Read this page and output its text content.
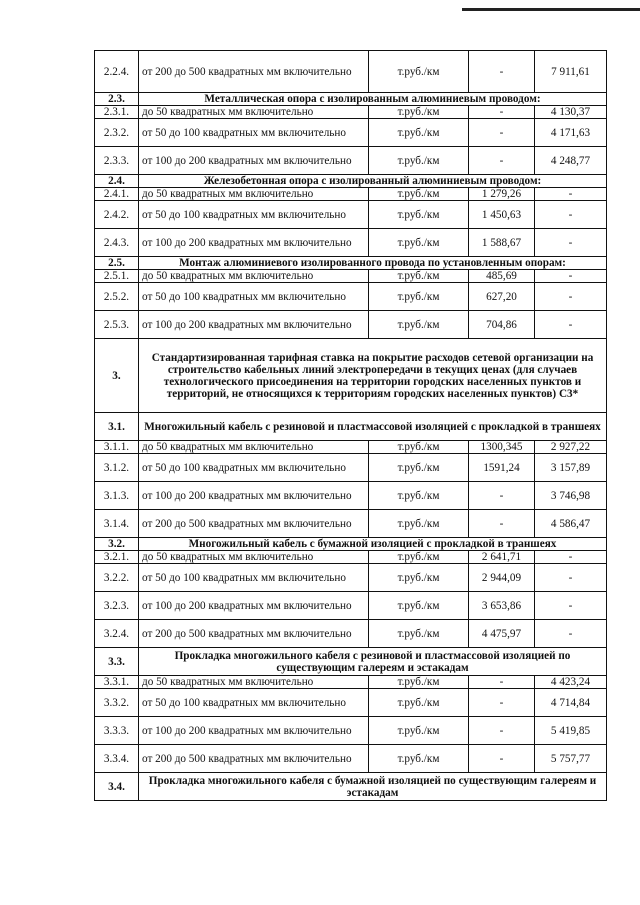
2.2.4.	от 200 до 500 квадратных мм включительно	т.руб./км	-	7 911,61
2.3.	Металлическая опора с изолированным алюминиевым проводом:			
2.3.1.	до 50 квадратных мм включительно	т.руб./км	-	4 130,37
2.3.2.	от 50 до 100 квадратных мм включительно	т.руб./км	-	4 171,63
2.3.3.	от 100 до 200 квадратных мм включительно	т.руб./км	-	4 248,77
2.4.	Железобетонная опора с изолированный алюминиевым проводом:			
2.4.1.	до 50 квадратных мм включительно	т.руб./км	1 279,26	-
2.4.2.	от 50 до 100 квадратных мм включительно	т.руб./км	1 450,63	-
2.4.3.	от 100 до 200 квадратных мм включительно	т.руб./км	1 588,67	-
2.5.	Монтаж алюминиевого изолированного провода по установленным опорам:			
2.5.1.	до 50 квадратных мм включительно	т.руб./км	485,69	-
2.5.2.	от 50 до 100 квадратных мм включительно	т.руб./км	627,20	-
2.5.3.	от 100 до 200 квадратных мм включительно	т.руб./км	704,86	-
3.	Стандартизированная тарифная ставка на покрытие расходов сетевой организации на строительство кабельных линий электропередачи в текущих ценах (для случаев технологического присоединения на территории городских населенных пунктов и территорий, не относящихся к территориям городских населенных пунктов) С3*			
3.1.	Многожильный кабель с резиновой и пластмассовой изоляцией с прокладкой в траншеях			
3.1.1.	до 50 квадратных мм включительно	т.руб./км	1300,345	2 927,22
3.1.2.	от 50 до 100 квадратных мм включительно	т.руб./км	1591,24	3 157,89
3.1.3.	от 100 до 200 квадратных мм включительно	т.руб./км	-	3 746,98
3.1.4.	от 200 до 500 квадратных мм включительно	т.руб./км	-	4 586,47
3.2.	Многожильный кабель с бумажной изоляцией с прокладкой в траншеях			
3.2.1.	до 50 квадратных мм включительно	т.руб./км	2 641,71	-
3.2.2.	от 50 до 100 квадратных мм включительно	т.руб./км	2 944,09	-
3.2.3.	от 100 до 200 квадратных мм включительно	т.руб./км	3 653,86	-
3.2.4.	от 200 до 500 квадратных мм включительно	т.руб./км	4 475,97	-
3.3.	Прокладка многожильного кабеля с резиновой и пластмассовой изоляцией по существующим галереям и эстакадам			
3.3.1.	до 50 квадратных мм включительно	т.руб./км	-	4 423,24
3.3.2.	от 50 до 100 квадратных мм включительно	т.руб./км	-	4 714,84
3.3.3.	от 100 до 200 квадратных мм включительно	т.руб./км	-	5 419,85
3.3.4.	от 200 до 500 квадратных мм включительно	т.руб./км	-	5 757,77
3.4.	Прокладка многожильного кабеля с бумажной изоляцией по существующим галереям и эстакадам			
